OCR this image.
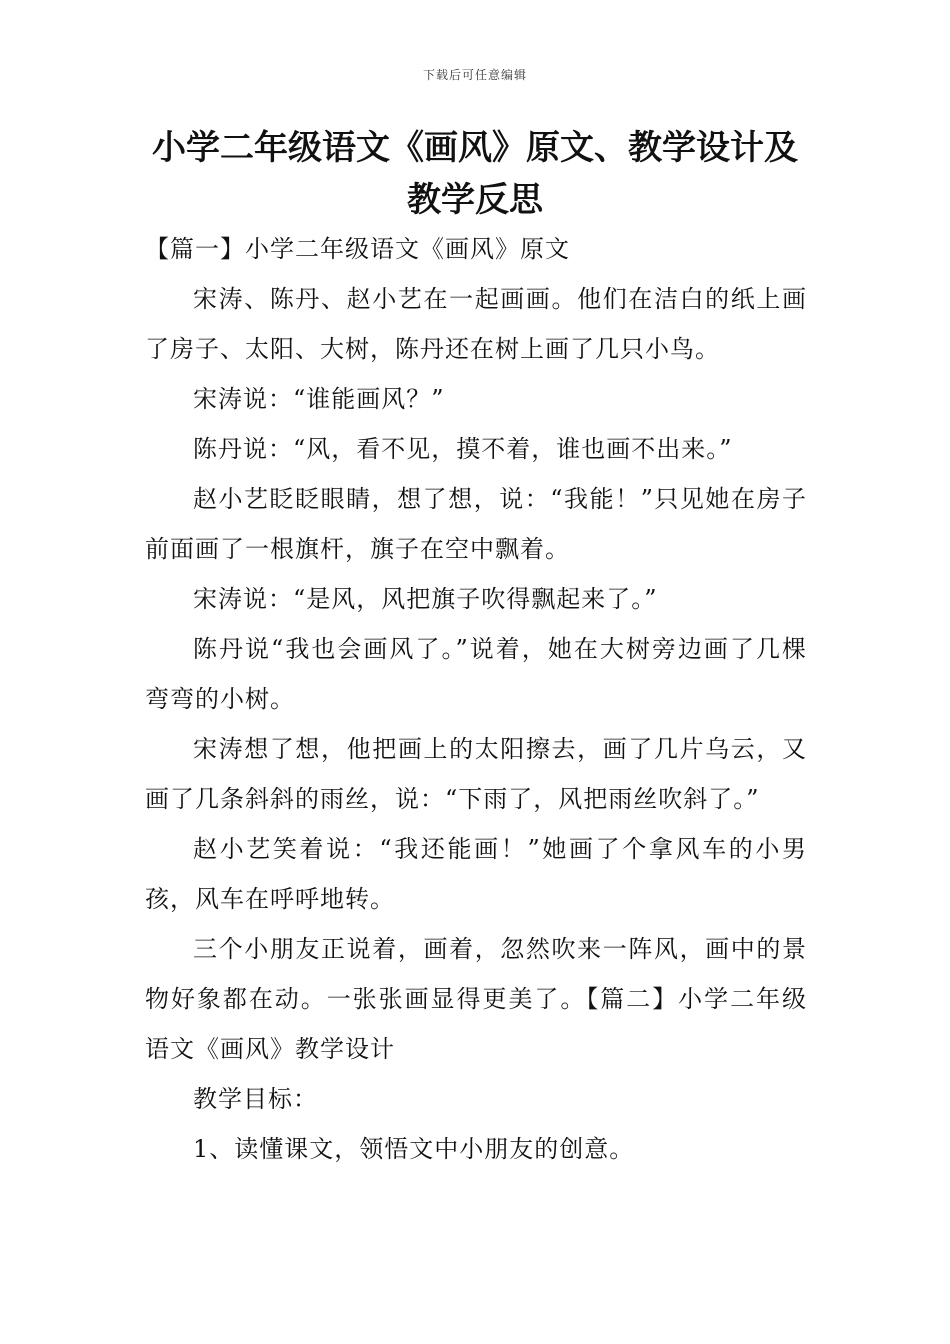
下载后可任意编辑
小学二年级语文《画风》原文、教学设计及教学反思

【篇一】小学二年级语文《画风》原文

宋涛、陈丹、赵小艺在一起画画。他们在洁白的纸上画了房子、太阳、大树，陈丹还在树上画了几只小鸟。

宋涛说：“谁能画风？”

陈丹说：“风，看不见，摸不着，谁也画不出来。”

赵小艺眨眨眼睛，想了想，说：“我能！”只见她在房子前面画了一根旗杆，旗子在空中飘着。

宋涛说：“是风，风把旗子吹得飘起来了。”

陈丹说“我也会画风了。”说着，她在大树旁边画了几棵弯弯的小树。

宋涛想了想，他把画上的太阳擦去，画了几片乌云，又画了几条斜斜的雨丝，说：“下雨了，风把雨丝吹斜了。”

赵小艺笑着说：“我还能画！”她画了个拿风车的小男孩，风车在呼呼地转。

三个小朋友正说着，画着，忽然吹来一阵风，画中的景物好象都在动。一张张画显得更美了。【篇二】小学二年级语文《画风》教学设计

教学目标：

1、读懂课文，领悟文中小朋友的创意。
